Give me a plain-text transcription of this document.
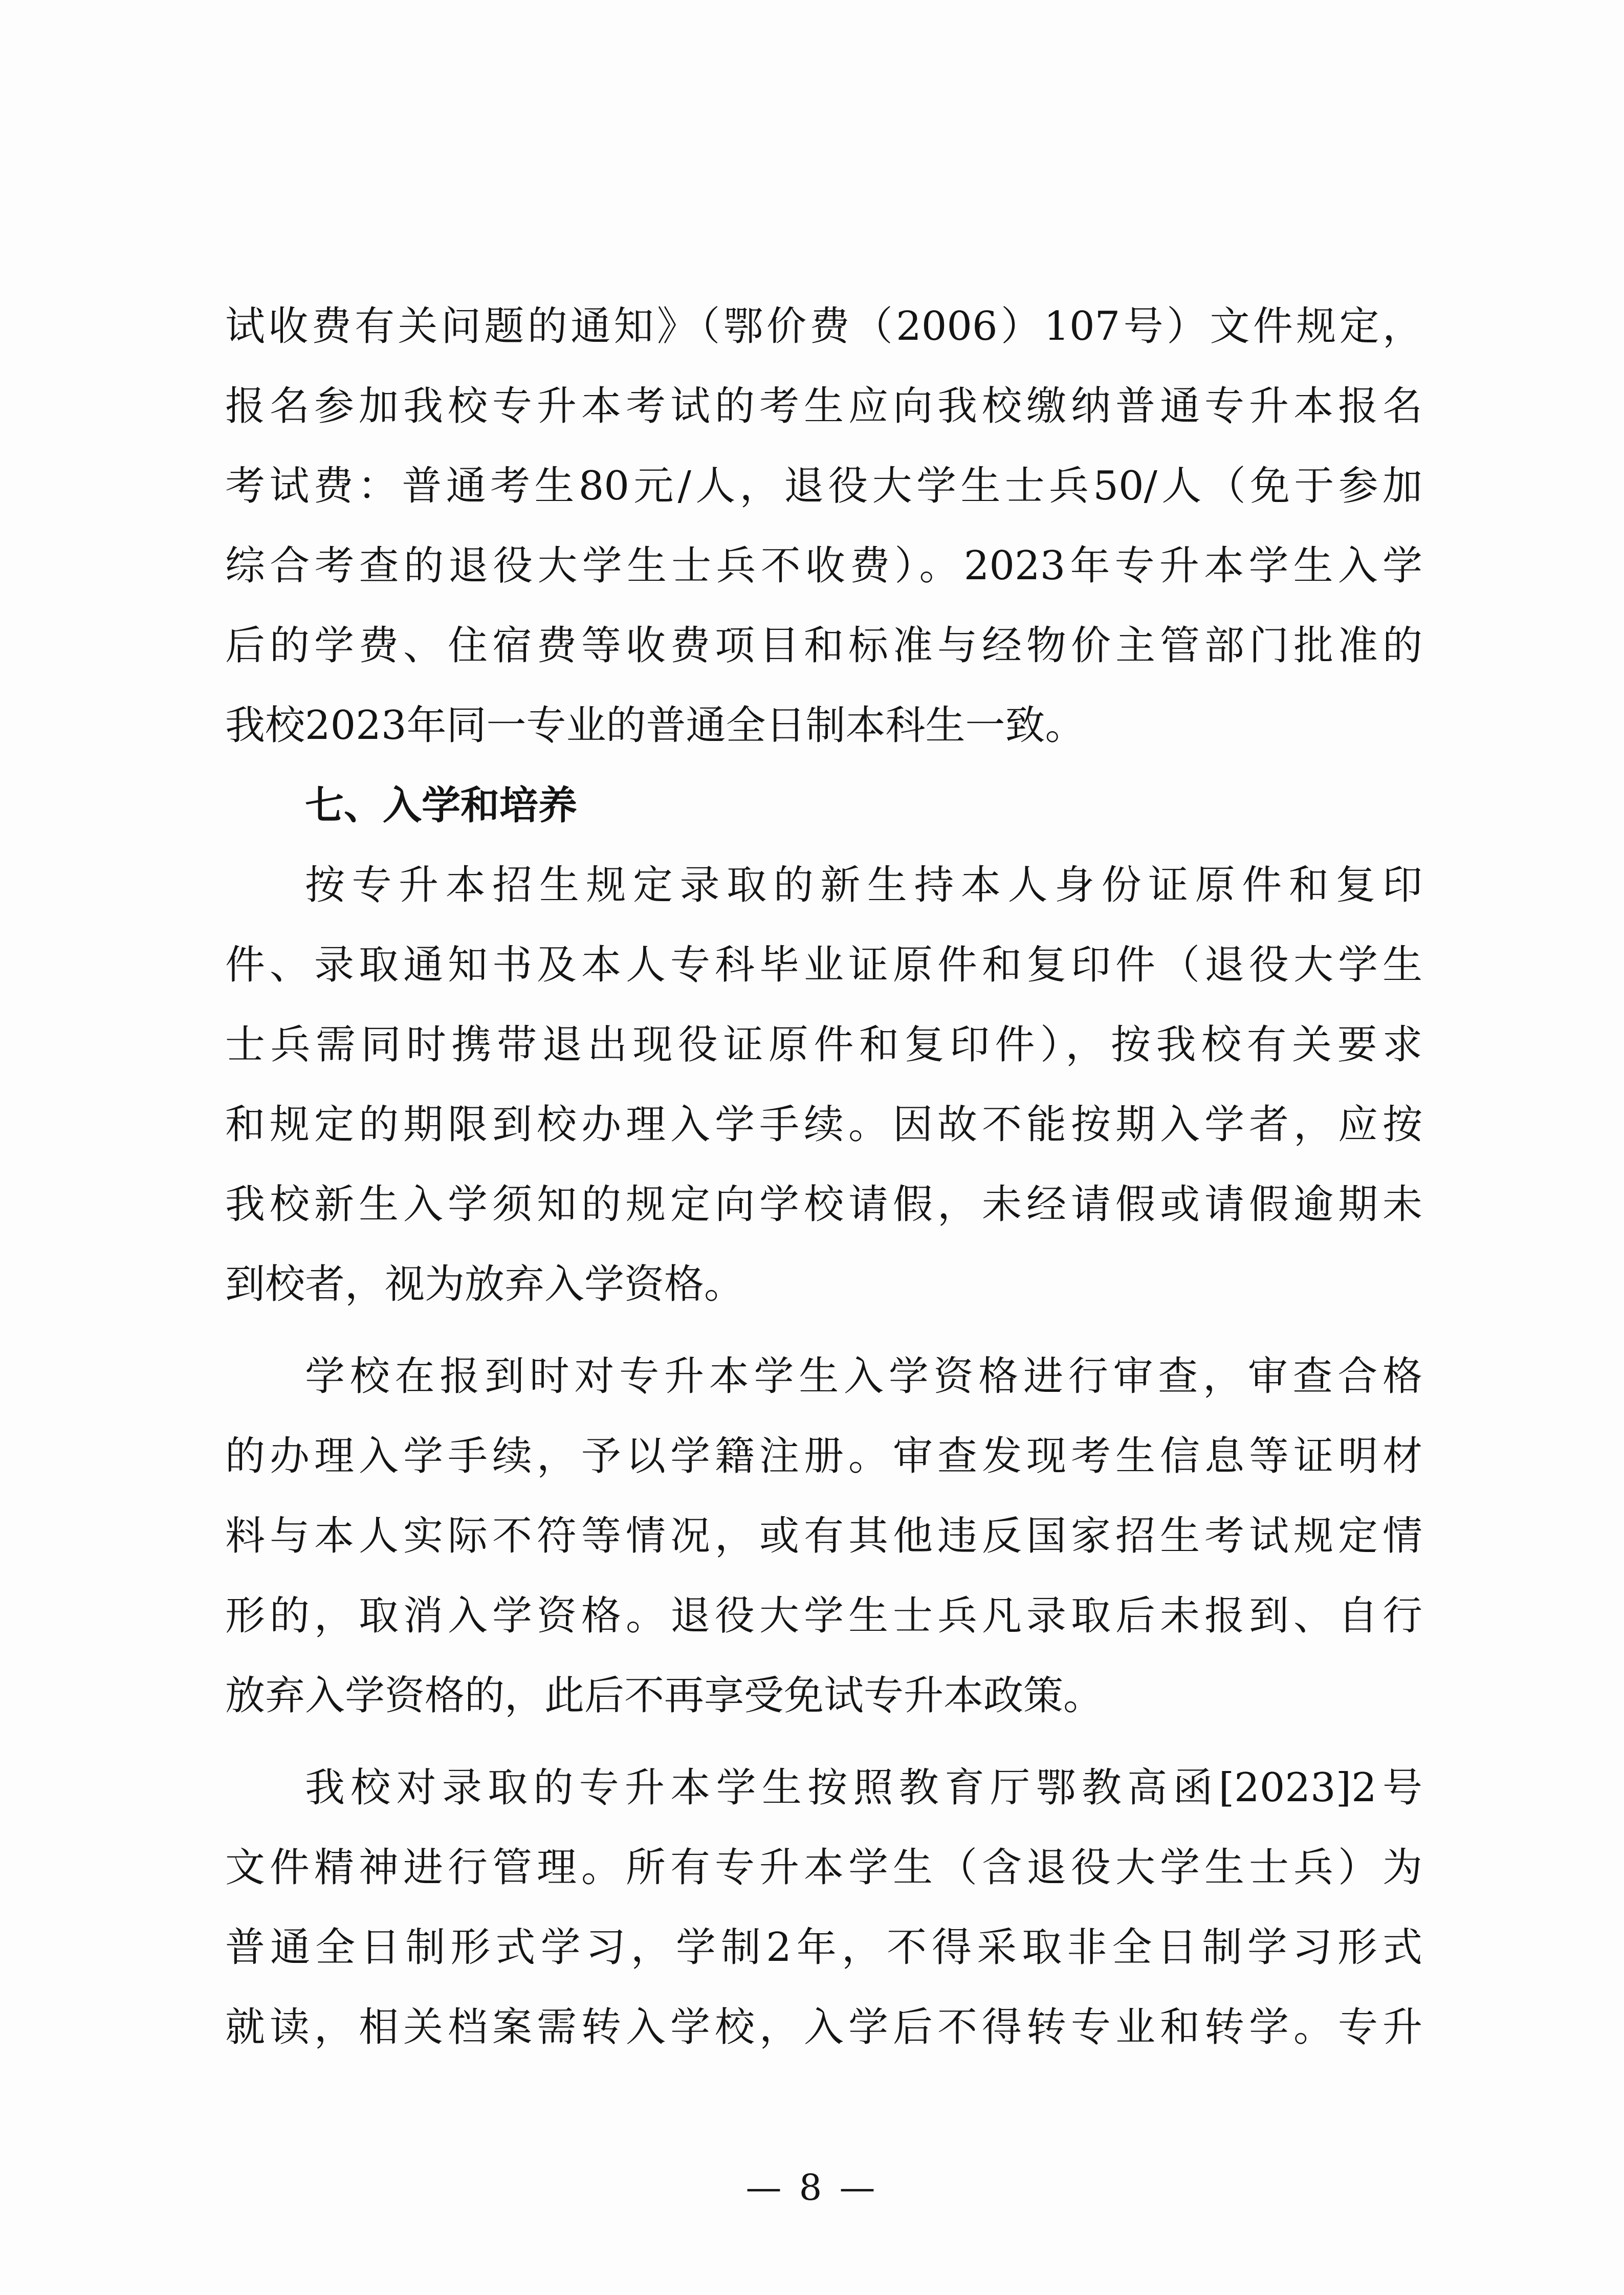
试收费有关问题的通知》（鄂价费（2006）107号）文件规定，
报名参加我校专升本考试的考生应向我校缴纳普通专升本报名
考试费：普通考生80元/人，退役大学生士兵50/人（免于参加
综合考查的退役大学生士兵不收费）。2023年专升本学生入学
后的学费、住宿费等收费项目和标准与经物价主管部门批准的
我校2023年同一专业的普通全日制本科生一致。
七、入学和培养
按专升本招生规定录取的新生持本人身份证原件和复印
件、录取通知书及本人专科毕业证原件和复印件（退役大学生
士兵需同时携带退出现役证原件和复印件），按我校有关要求
和规定的期限到校办理入学手续。因故不能按期入学者，应按
我校新生入学须知的规定向学校请假，未经请假或请假逾期未
到校者，视为放弃入学资格。
学校在报到时对专升本学生入学资格进行审查，审查合格
的办理入学手续，予以学籍注册。审查发现考生信息等证明材
料与本人实际不符等情况，或有其他违反国家招生考试规定情
形的，取消入学资格。退役大学生士兵凡录取后未报到、自行
放弃入学资格的，此后不再享受免试专升本政策。
我校对录取的专升本学生按照教育厅鄂教高函[2023]2号
文件精神进行管理。所有专升本学生（含退役大学生士兵）为
普通全日制形式学习，学制2年，不得采取非全日制学习形式
就读，相关档案需转入学校，入学后不得转专业和转学。专升
— 8 —
